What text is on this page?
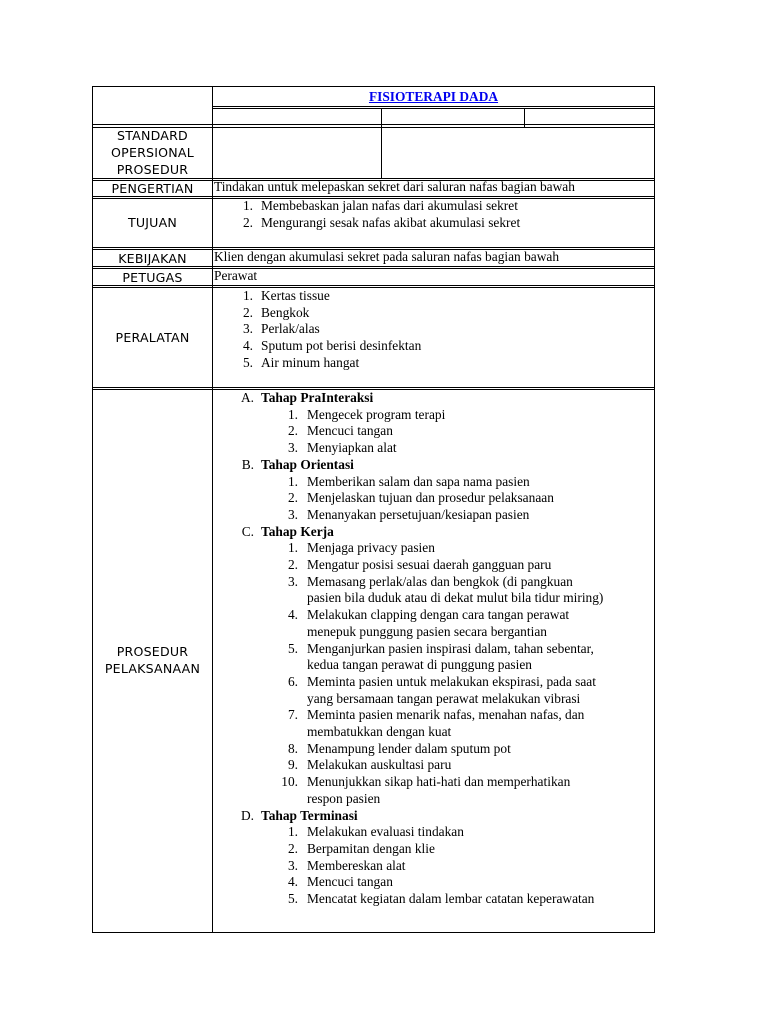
FISIOTERAPI DADA
STANDARD
OPERSIONAL
PROSEDUR
PENGERTIAN
TUJUAN
KEBIJAKAN
PETUGAS
PERALATAN
PROSEDUR
PELAKSANAAN
Tindakan untuk melepaskan sekret dari saluran nafas bagian bawah
Klien dengan akumulasi sekret pada saluran nafas bagian bawah
Perawat
1. Membebaskan jalan nafas dari akumulasi sekret
2. Mengurangi sesak nafas akibat akumulasi sekret
1. Kertas tissue
2. Bengkok
3. Perlak/alas
4. Sputum pot berisi desinfektan
5. Air minum hangat
A. Tahap PraInteraksi
1. Mengecek program terapi
2. Mencuci tangan
3. Menyiapkan alat
B. Tahap Orientasi
1. Memberikan salam dan sapa nama pasien
2. Menjelaskan tujuan dan prosedur pelaksanaan
3. Menanyakan persetujuan/kesiapan pasien
C. Tahap Kerja
1. Menjaga privacy pasien
2. Mengatur posisi sesuai daerah gangguan paru
3. Memasang perlak/alas dan bengkok (di pangkuan
pasien bila duduk atau di dekat mulut bila tidur miring)
4. Melakukan clapping dengan cara tangan perawat
menepuk punggung pasien secara bergantian
5. Menganjurkan pasien inspirasi dalam, tahan sebentar,
kedua tangan perawat di punggung pasien
6. Meminta pasien untuk melakukan ekspirasi, pada saat
yang bersamaan tangan perawat melakukan vibrasi
7. Meminta pasien menarik nafas, menahan nafas, dan
membatukkan dengan kuat
8. Menampung lender dalam sputum pot
9. Melakukan auskultasi paru
10. Menunjukkan sikap hati-hati dan memperhatikan
respon pasien
D. Tahap Terminasi
1. Melakukan evaluasi tindakan
2. Berpamitan dengan klie
3. Membereskan alat
4. Mencuci tangan
5. Mencatat kegiatan dalam lembar catatan keperawatan
